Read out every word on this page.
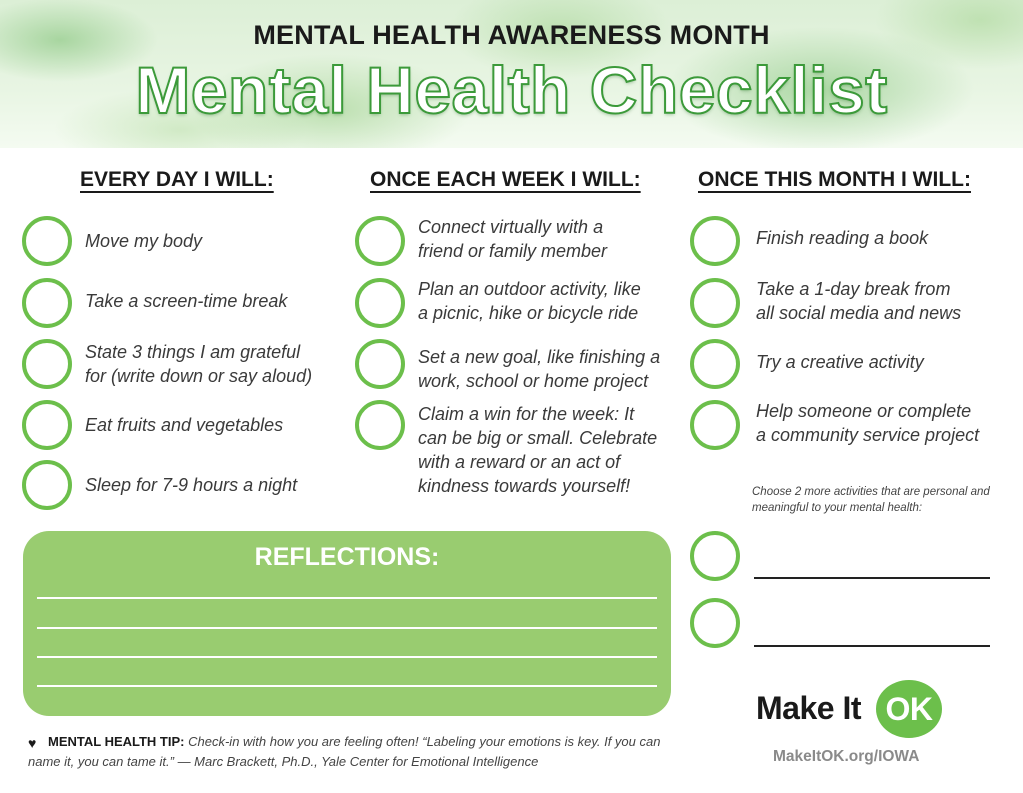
MENTAL HEALTH AWARENESS MONTH
Mental Health Checklist
EVERY DAY I WILL:	ONCE EACH WEEK I WILL:	ONCE THIS MONTH I WILL:
Move my body
Take a screen-time break
State 3 things I am grateful
for (write down or say aloud)
Eat fruits and vegetables
Sleep for 7-9 hours a night
Connect virtually with a
friend or family member
Plan an outdoor activity, like
a picnic, hike or bicycle ride
Set a new goal, like finishing a
work, school or home project
Claim a win for the week: It
can be big or small. Celebrate
with a reward or an act of
kindness towards yourself!
Finish reading a book
Take a 1-day break from
all social media and news
Try a creative activity
Help someone or complete
a community service project
Choose 2 more activities that are personal and meaningful to your mental health:
REFLECTIONS:
♥ MENTAL HEALTH TIP: Check-in with how you are feeling often! “Labeling your emotions is key. If you can name it, you can tame it.” — Marc Brackett, Ph.D., Yale Center for Emotional Intelligence
Make It OK
MakeItOK.org/IOWA
